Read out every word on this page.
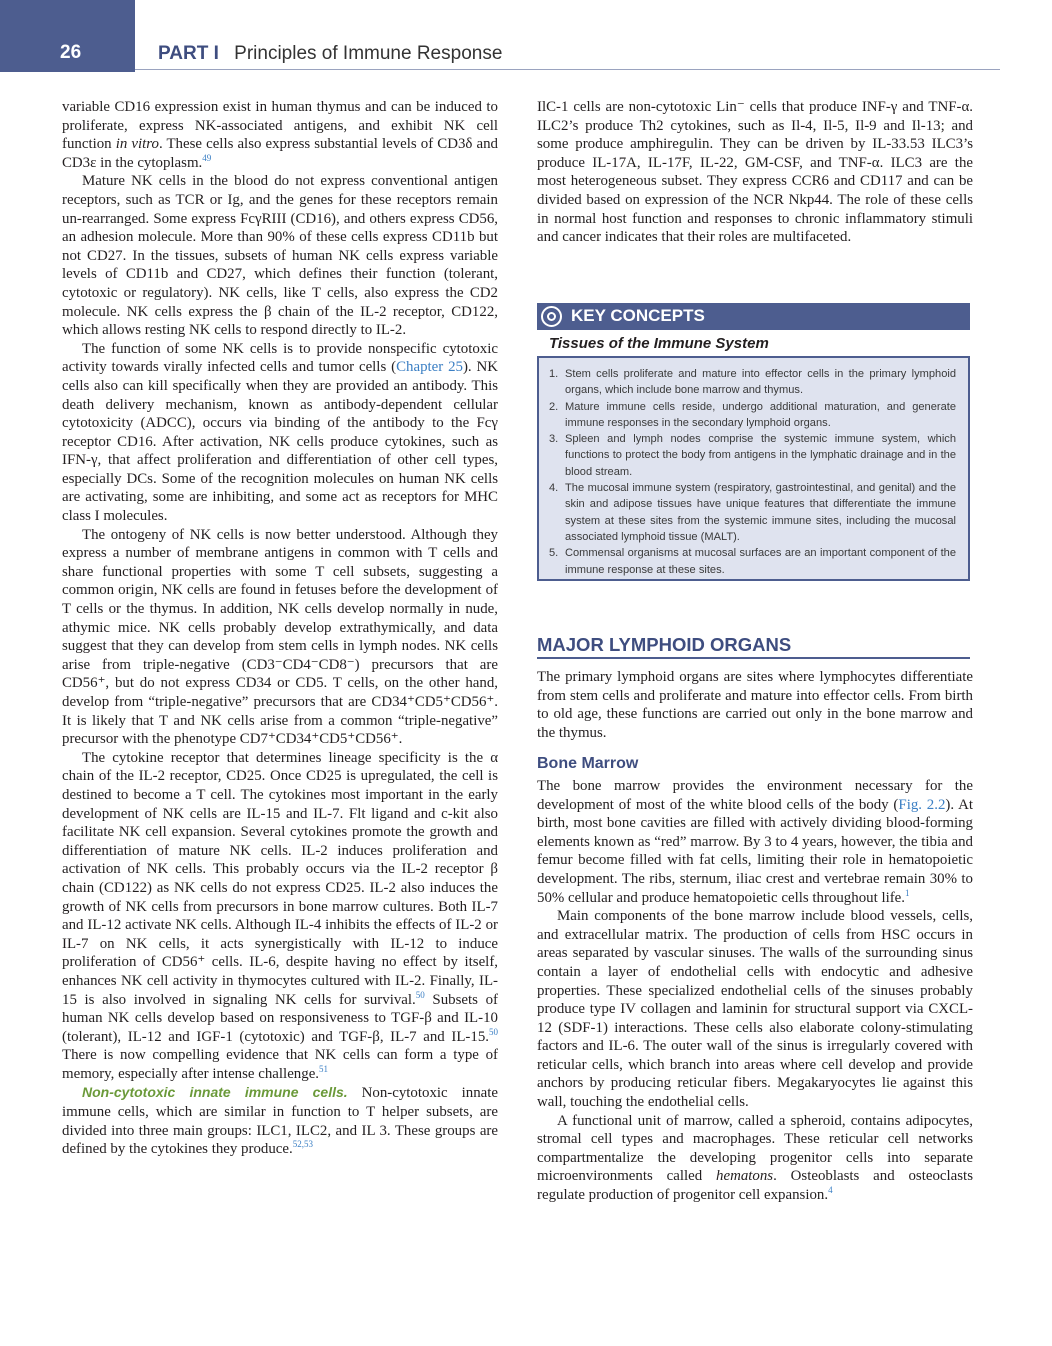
26	PART I Principles of Immune Response

variable CD16 expression exist in human thymus and can be induced to proliferate, express NK-associated antigens, and exhibit NK cell function in vitro. These cells also express substantial levels of CD3δ and CD3ε in the cytoplasm.$^{49}$

Mature NK cells in the blood do not express conventional antigen receptors, such as TCR or Ig, and the genes for these receptors remain un-rearranged. Some express FcγRIII (CD16), and others express CD56, an adhesion molecule. More than 90% of these cells express CD11b but not CD27. In the tissues, subsets of human NK cells express variable levels of CD11b and CD27, which defines their function (tolerant, cytotoxic or regulatory). NK cells, like T cells, also express the CD2 molecule. NK cells express the β chain of the IL-2 receptor, CD122, which allows resting NK cells to respond directly to IL-2.

The function of some NK cells is to provide nonspecific cytotoxic activity towards virally infected cells and tumor cells (Chapter 25). NK cells also can kill specifically when they are provided an antibody. This death delivery mechanism, known as antibody-dependent cellular cytotoxicity (ADCC), occurs via binding of the antibody to the Fcγ receptor CD16. After activation, NK cells produce cytokines, such as IFN-γ, that affect proliferation and differentiation of other cell types, especially DCs. Some of the recognition molecules on human NK cells are activating, some are inhibiting, and some act as receptors for MHC class I molecules.

The ontogeny of NK cells is now better understood. Although they express a number of membrane antigens in common with T cells and share functional properties with some T cell subsets, suggesting a common origin, NK cells are found in fetuses before the development of T cells or the thymus. In addition, NK cells develop normally in nude, athymic mice. NK cells probably develop extrathymically, and data suggest that they can develop from stem cells in lymph nodes. NK cells arise from triple-negative (CD3⁻CD4⁻CD8⁻) precursors that are CD56⁺, but do not express CD34 or CD5. T cells, on the other hand, develop from “triple-negative” precursors that are CD34⁺CD5⁺CD56⁺. It is likely that T and NK cells arise from a common “triple-negative” precursor with the phenotype CD7⁺CD34⁺CD5⁺CD56⁺.

The cytokine receptor that determines lineage specificity is the α chain of the IL-2 receptor, CD25. Once CD25 is upregulated, the cell is destined to become a T cell. The cytokines most important in the early development of NK cells are IL-15 and IL-7. Flt ligand and c-kit also facilitate NK cell expansion. Several cytokines promote the growth and differentiation of mature NK cells. IL-2 induces proliferation and activation of NK cells. This probably occurs via the IL-2 receptor β chain (CD122) as NK cells do not express CD25. IL-2 also induces the growth of NK cells from precursors in bone marrow cultures. Both IL-7 and IL-12 activate NK cells. Although IL-4 inhibits the effects of IL-2 or IL-7 on NK cells, it acts synergistically with IL-12 to induce proliferation of CD56⁺ cells. IL-6, despite having no effect by itself, enhances NK cell activity in thymocytes cultured with IL-2. Finally, IL-15 is also involved in signaling NK cells for survival.$^{50}$ Subsets of human NK cells develop based on responsiveness to TGF-β and IL-10 (tolerant), IL-12 and IGF-1 (cytotoxic) and TGF-β, IL-7 and IL-15.50 There is now compelling evidence that NK cells can form a type of memory, especially after intense challenge.$^{51}$

Non-cytotoxic innate immune cells. Non-cytotoxic innate immune cells, which are similar in function to T helper subsets, are divided into three main groups: ILC1, ILC2, and IL 3. These groups are defined by the cytokines they produce.$^{52,53}$

IlC-1 cells are non-cytotoxic Lin⁻ cells that produce INF-γ and TNF-α. ILC2’s produce Th2 cytokines, such as Il-4, Il-5, Il-9 and Il-13; and some produce amphiregulin. They can be driven by IL-33.53 ILC3’s produce IL-17A, IL-17F, IL-22, GM-CSF, and TNF-α. ILC3 are the most heterogeneous subset. They express CCR6 and CD117 and can be divided based on expression of the NCR Nkp44. The role of these cells in normal host function and responses to chronic inflammatory stimuli and cancer indicates that their roles are multifaceted.

KEY CONCEPTS
Tissues of the Immune System
1. Stem cells proliferate and mature into effector cells in the primary lymphoid organs, which include bone marrow and thymus.
2. Mature immune cells reside, undergo additional maturation, and generate immune responses in the secondary lymphoid organs.
3. Spleen and lymph nodes comprise the systemic immune system, which functions to protect the body from antigens in the lymphatic drainage and in the blood stream.
4. The mucosal immune system (respiratory, gastrointestinal, and genital) and the skin and adipose tissues have unique features that differentiate the immune system at these sites from the systemic immune sites, including the mucosal associated lymphoid tissue (MALT).
5. Commensal organisms at mucosal surfaces are an important component of the immune response at these sites.
MAJOR LYMPHOID ORGANS

The primary lymphoid organs are sites where lymphocytes differentiate from stem cells and proliferate and mature into effector cells. From birth to old age, these functions are carried out only in the bone marrow and the thymus.

Bone Marrow

The bone marrow provides the environment necessary for the development of most of the white blood cells of the body (Fig. 2.2). At birth, most bone cavities are filled with actively dividing blood-forming elements known as “red” marrow. By 3 to 4 years, however, the tibia and femur become filled with fat cells, limiting their role in hematopoietic development. The ribs, sternum, iliac crest and vertebrae remain 30% to 50% cellular and produce hematopoietic cells throughout life.$^1$

Main components of the bone marrow include blood vessels, cells, and extracellular matrix. The production of cells from HSC occurs in areas separated by vascular sinuses. The walls of the surrounding sinus contain a layer of endothelial cells with endocytic and adhesive properties. These specialized endothelial cells of the sinuses probably produce type IV collagen and laminin for structural support via CXCL-12 (SDF-1) interactions. These cells also elaborate colony-stimulating factors and IL-6. The outer wall of the sinus is irregularly covered with reticular cells, which branch into areas where cell develop and provide anchors by producing reticular fibers. Megakaryocytes lie against this wall, touching the endothelial cells.

A functional unit of marrow, called a spheroid, contains adipocytes, stromal cell types and macrophages. These reticular cell networks compartmentalize the developing progenitor cells into separate microenvironments called hematons. Osteoblasts and osteoclasts regulate production of progenitor cell expansion.$^4$
